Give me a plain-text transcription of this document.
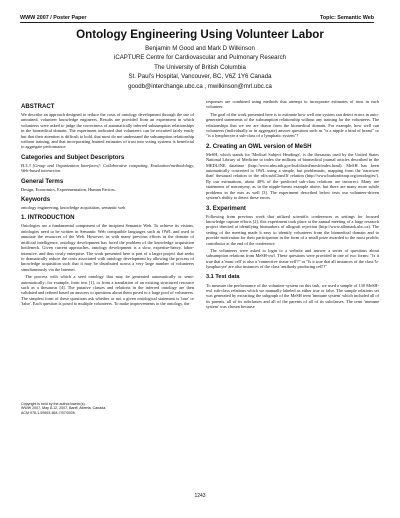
WWW 2007 / Poster Paper	Topic: Semantic Web
Ontology Engineering Using Volunteer Labor
Benjamin M Good and Mark D Wilkinson
iCAPTURE Centre for Cardiovascular and Pulmonary Research
The University of British Columbia
St. Paul's Hospital, Vancouver, BC, V6Z 1Y6 Canada
goodb@interchange.ubc.ca , mwilkinson@mrl.ubc.ca
ABSTRACT

We describe an approach designed to reduce the costs of ontology development through the use of untrained, volunteer knowledge engineers. Results are provided from an experiment in which volunteers were asked to judge the correctness of automatically inferred subsumption relationships in the biomedical domain. The experiment indicated that volunteers can be recruited fairly easily but that their attention is difficult to hold, that most do not understand the subsumption relationship without training, and that incorporating learned estimates of trust into voting systems is beneficial to aggregate performance.

Categories and Subject Descriptors

H.5.3 [Group and Organization Interfaces]: Collaborative computing, Evaluation/methodology, Web-based interaction.

General Terms

Design, Economics, Experimentation, Human Factors.

Keywords

ontology engineering, knowledge acquisition, semantic web

1. INTRODUCTION

Ontologies are a fundamental component of the incipient Semantic Web. To achieve its visions, ontologies need to be written in Semantic Web compatible languages such as OWL and used to annotate the resources of the Web. However, as with many previous efforts in the domain of artificial intelligence, ontology development has faced the problem of the knowledge acquisition bottleneck. Given current approaches, ontology development is a slow, expertise-heavy, labor-intensive, and thus costly enterprise. The work presented here is part of a larger project that seeks to dramatically reduce the costs associated with ontology development by allowing the process of knowledge acquisition such that it may be distributed across a very large number of volunteers simultaneously via the Internet.

The process with which a seed ontology that may be generated automatically or semi-automatically; for example, from text [1], or from a translation of an existing structured resource such as a thesaurus [4]. The putative classes and relations in the inferred ontology are then validated and refined based on answers to questions about them posed to a large pool of volunteers. The simplest form of these questions ask whether or not a given ontological statement is 'true' or 'false'. Each question is posed to multiple volunteers. To make improvements to the ontology, the

Copyright is held by the author/owner(s).
WWW 2007, May 8-12, 2007, Banff, Alberta, Canada.
ACM 978-1-59593-654-7/07/0005.

responses are combined using methods that attempt to incorporate estimates of trust in each volunteer.

The goal of the work presented here is to estimate how well one system can detect errors in auto-generated statements of the subsumption relationship without any training for the volunteers. The relationships that we see are drawn from the biomedical domain. For example, how well can volunteers (individually or in aggregate) answer questions such as "is a nipple a kind of breast" or "is a lymphocyte a sub-class of a lymphatic system"?

2. Creating an OWL version of MeSH

MeSH, which stands for 'Medical Subject Headings', is the thesaurus used by the United States National Library of Medicine to index the millions of biomedical journal articles described in the MEDLINE database (http://www.nlm.nih.gov/bsd/disted/mesh/index.html). MeSH has been automatically converted to OWL using a simple, but problematic, mapping from the 'narrower than' thesaural relation to the rdfs:subClassOf relation (http://www.burkinfotrap.org/ontologies/). By our estimations, about 40% of the predicted sub-class relations are incorrect. Many are statements of meronymy, as in the nipple-breast example above, but there are many more subtle problems in the mix as well [3]. The experiment described below tests our volunteer-driven system's ability to detect these errors.

3. Experiment

Following from previous work that utilized scientific conferences as settings for focused knowledge capture efforts [2], this experiment took place at the annual meeting of a large research project directed at identifying biomarkers of allograft rejection (http://www.allomark.ubc.ca). The setting of the meeting made it easy to identify volunteers from the biomedical domain and to provide motivation for their participation in the form of a small prize awarded to the most prolific contributor at the end of the conference.

The volunteers were asked to login to a website and answer a series of questions about subsumption relations from MeSH-owl. These questions were provided in one of two forms: "Is it true that a 'mast cell' is also a 'connective tissue cell'?" or "Is it true that all instances of the class 'b-lymphocyte' are also instances of the class 'antibody producing cell'?"

3.1 Test data

To measure the performance of the volunteer-system on this task, we used a sample of 130 MeSH-owl sub-class relations which we manually labeled as either true or false. The sample relations set was generated by extracting the subgraph of the MeSH term 'immune system' which included all of its parents, all of its subclasses and all of the parents of all of its subclasses. The term 'immune system' was chosen because

1243
